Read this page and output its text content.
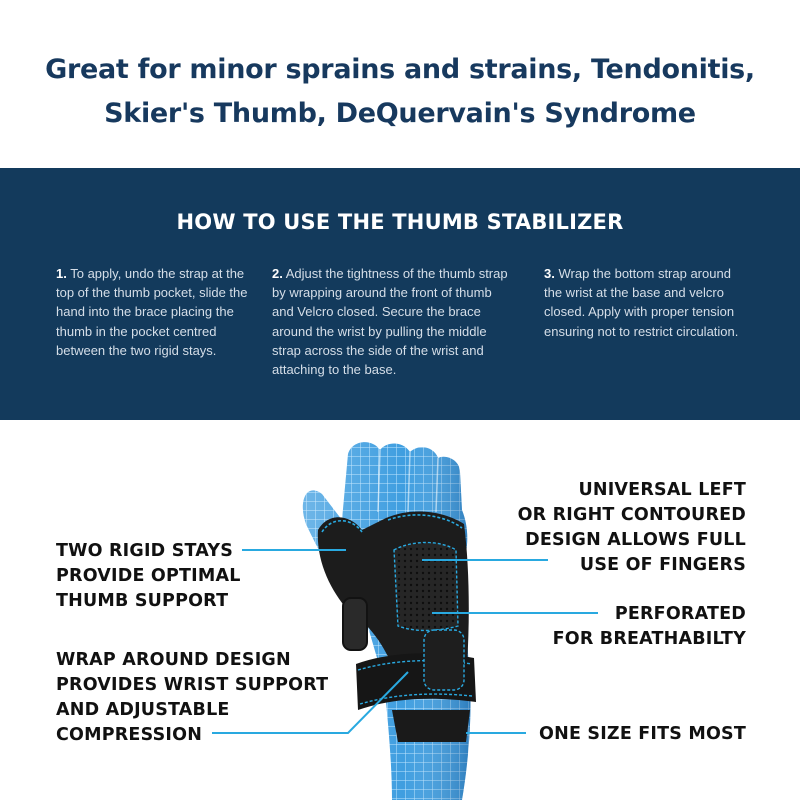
Great for minor sprains and strains, Tendonitis,
Skier's Thumb, DeQuervain's Syndrome
HOW TO USE THE THUMB STABILIZER

1. To apply, undo the strap at the top of the thumb pocket, slide the hand into the brace placing the thumb in the pocket centred between the two rigid stays.

2. Adjust the tightness of the thumb strap by wrapping around the front of thumb and Velcro closed. Secure the brace around the wrist by pulling the middle strap across the side of the wrist and attaching to the base.

3. Wrap the bottom strap around the wrist at the base and velcro closed. Apply with proper tension ensuring not to restrict circulation.

UNIVERSAL LEFT
OR RIGHT CONTOURED
DESIGN ALLOWS FULL
USE OF FINGERS
TWO RIGID STAYS
PROVIDE OPTIMAL
THUMB SUPPORT
PERFORATED
FOR BREATHABILTY
WRAP AROUND DESIGN
PROVIDES WRIST SUPPORT
AND ADJUSTABLE
COMPRESSION	ONE SIZE FITS MOST
